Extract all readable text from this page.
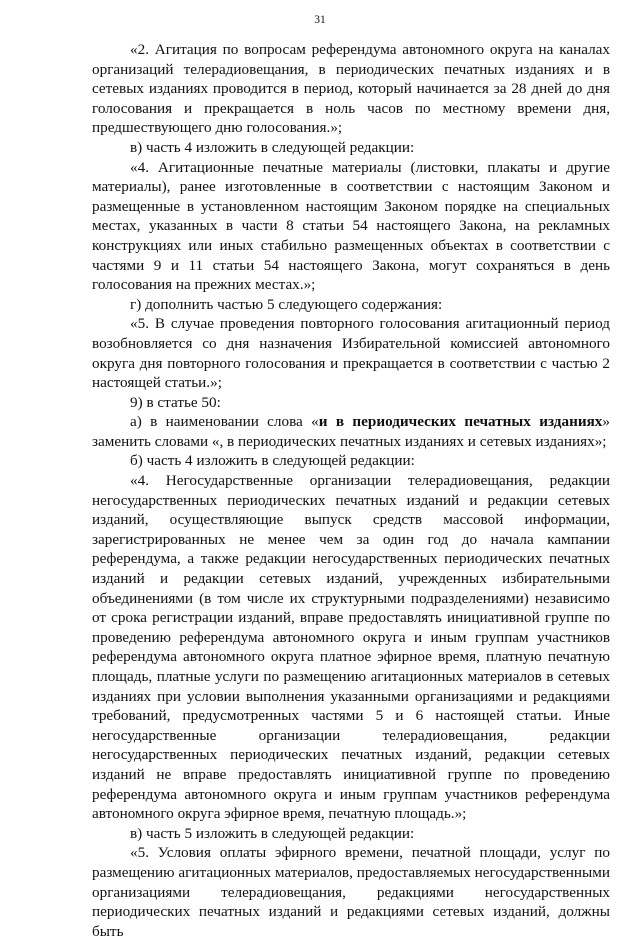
31

«2. Агитация по вопросам референдума автономного округа на каналах организаций телерадиовещания, в периодических печатных изданиях и в сетевых изданиях проводится в период, который начинается за 28 дней до дня голосования и прекращается в ноль часов по местному времени дня, предшествующего дню голосования.»;

в) часть 4 изложить в следующей редакции:

«4. Агитационные печатные материалы (листовки, плакаты и другие материалы), ранее изготовленные в соответствии с настоящим Законом и размещенные в установленном настоящим Законом порядке на специальных местах, указанных в части 8 статьи 54 настоящего Закона, на рекламных конструкциях или иных стабильно размещенных объектах в соответствии с частями 9 и 11 статьи 54 настоящего Закона, могут сохраняться в день голосования на прежних местах.»;

г) дополнить частью 5 следующего содержания:

«5. В случае проведения повторного голосования агитационный период возобновляется со дня назначения Избирательной комиссией автономного округа дня повторного голосования и прекращается в соответствии с частью 2 настоящей статьи.»;

9) в статье 50:

а) в наименовании слова «и в периодических печатных изданиях» заменить словами «, в периодических печатных изданиях и сетевых изданиях»;

б) часть 4 изложить в следующей редакции:

«4. Негосударственные организации телерадиовещания, редакции негосударственных периодических печатных изданий и редакции сетевых изданий, осуществляющие выпуск средств массовой информации, зарегистрированных не менее чем за один год до начала кампании референдума, а также редакции негосударственных периодических печатных изданий и редакции сетевых изданий, учрежденных избирательными объединениями (в том числе их структурными подразделениями) независимо от срока регистрации изданий, вправе предоставлять инициативной группе по проведению референдума автономного округа и иным группам участников референдума автономного округа платное эфирное время, платную печатную площадь, платные услуги по размещению агитационных материалов в сетевых изданиях при условии выполнения указанными организациями и редакциями требований, предусмотренных частями 5 и 6 настоящей статьи. Иные негосударственные организации телерадиовещания, редакции негосударственных периодических печатных изданий, редакции сетевых изданий не вправе предоставлять инициативной группе по проведению референдума автономного округа и иным группам участников референдума автономного округа эфирное время, печатную площадь.»;

в) часть 5 изложить в следующей редакции:

«5. Условия оплаты эфирного времени, печатной площади, услуг по размещению агитационных материалов, предоставляемых негосударственными организациями телерадиовещания, редакциями негосударственных периодических печатных изданий и редакциями сетевых изданий, должны быть
